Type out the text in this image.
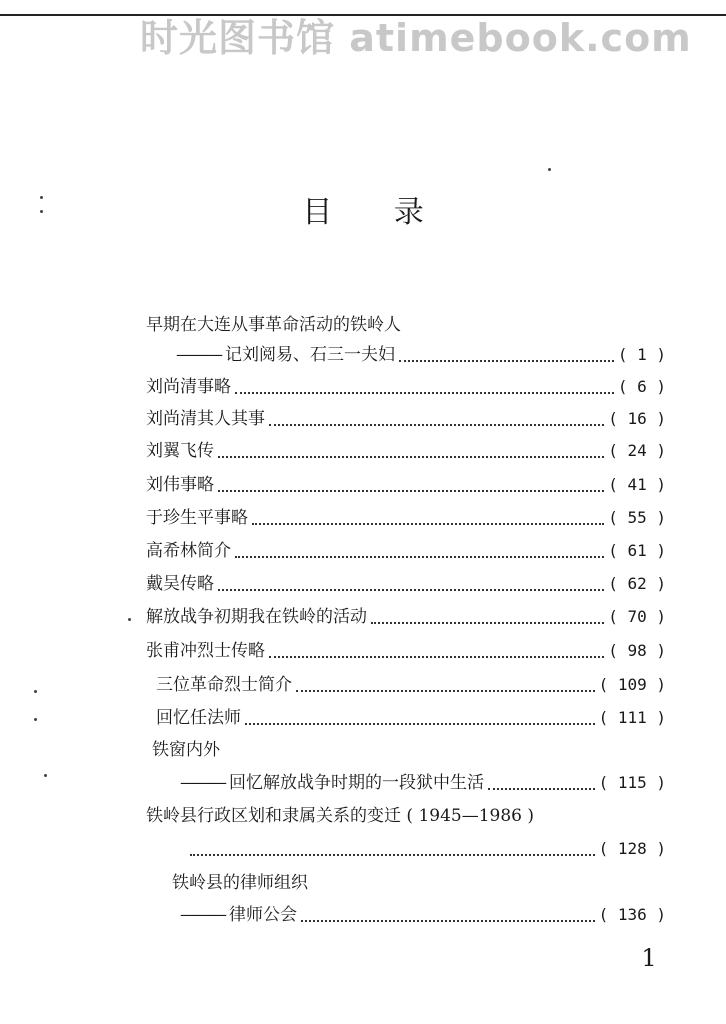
时光图书馆 atimebook.com
目 录
早期在大连从事革命活动的铁岭人
——— 记刘阅易、石三一夫妇	( 1 )
刘尚清事略	( 6 )
刘尚清其人其事	( 16 )
刘翼飞传	( 24 )
刘伟事略	( 41 )
于珍生平事略	( 55 )
高希林简介	( 61 )
戴吴传略	( 62 )
解放战争初期我在铁岭的活动	( 70 )
张甫冲烈士传略	( 98 )
三位革命烈士简介	( 109 )
回忆任法师	( 111 )
铁窗内外
——— 回忆解放战争时期的一段狱中生活	( 115 )
铁岭县行政区划和隶属关系的变迁 ( 1945—1986 )
( 128 )
铁岭县的律师组织
——— 律师公会	( 136 )
1
